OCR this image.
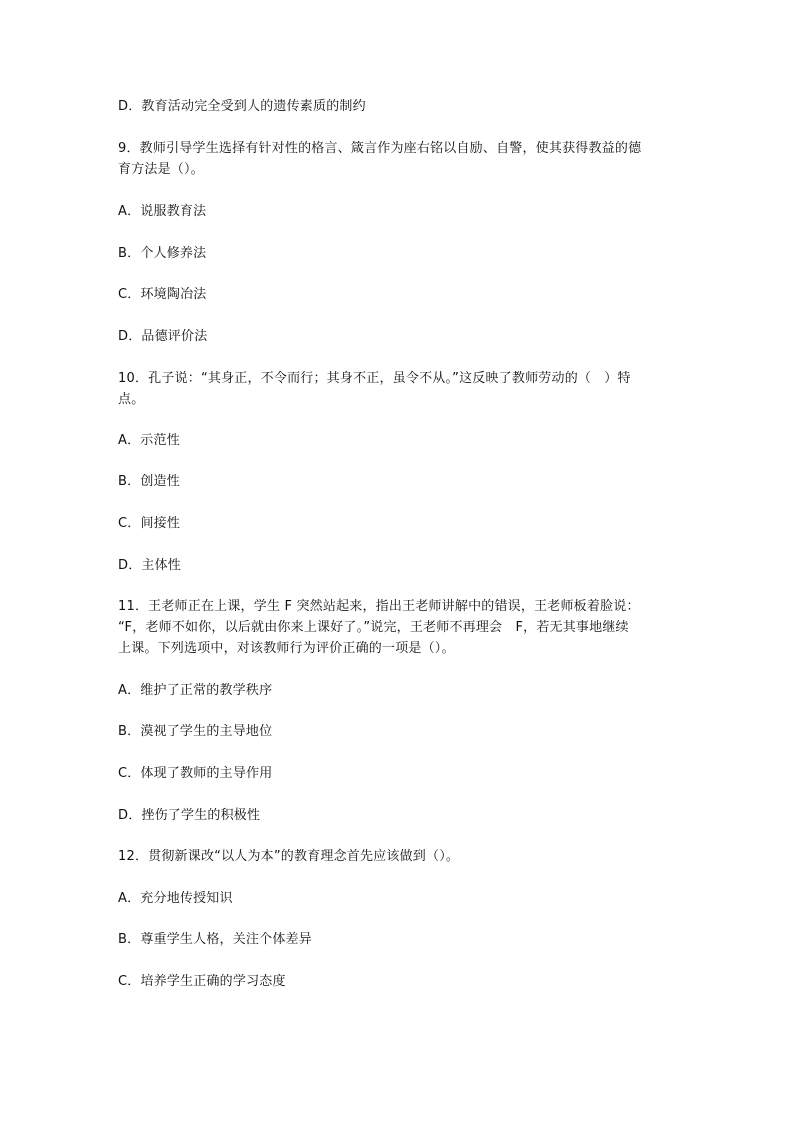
D．教育活动完全受到人的遗传素质的制约
9．教师引导学生选择有针对性的格言、箴言作为座右铭以自励、自警，使其获得教益的德
育方法是（）。
A．说服教育法
B．个人修养法
C．环境陶冶法
D．品德评价法
10．孔子说：“其身正，不令而行；其身不正，虽令不从。”这反映了教师劳动的（　）特
点。
A．示范性
B．创造性
C．间接性
D．主体性
11．王老师正在上课，学生 F 突然站起来，指出王老师讲解中的错误，王老师板着脸说：
“F，老师不如你，以后就由你来上课好了。”说完，王老师不再理会　F，若无其事地继续
上课。下列选项中，对该教师行为评价正确的一项是（）。
A．维护了正常的教学秩序
B．漠视了学生的主导地位
C．体现了教师的主导作用
D．挫伤了学生的积极性
12．贯彻新课改“以人为本”的教育理念首先应该做到（）。
A．充分地传授知识
B．尊重学生人格，关注个体差异
C．培养学生正确的学习态度
